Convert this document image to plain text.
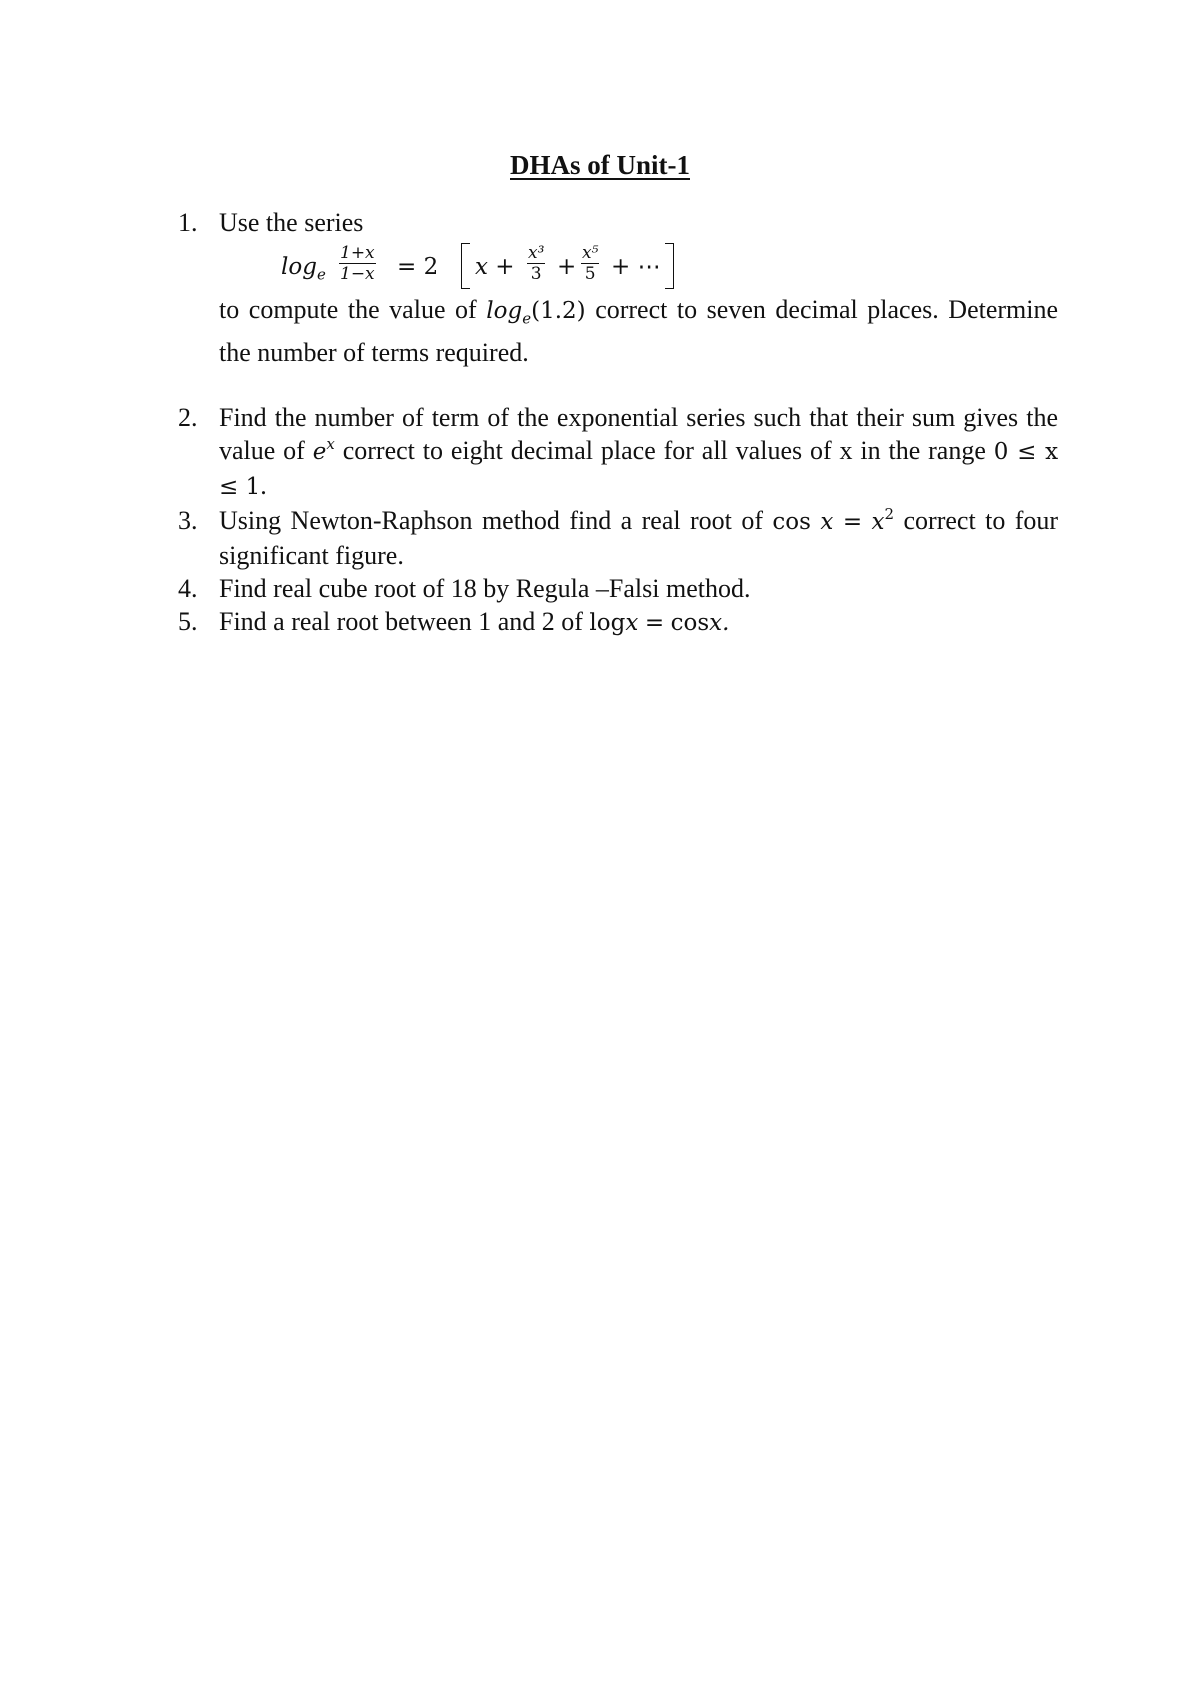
DHAs of Unit-1
1. Use the series
$\log_e \frac{1+x}{1-x} = 2$ $x + \frac{\text{x³}}{3} + \frac{\text{x⁵}}{5}$ + ⋯
to compute the value of $\log_e(1.2)$ correct to seven decimal places. Determine the number of terms required.
2. Find the number of term of the exponential series such that their sum gives the value of $e^x$ correct to eight decimal place for all values of x in the range 0 ≤ x ≤ 1.
3. Using Newton-Raphson method find a real root of $\cos x = x^2$ correct to four significant figure.
4. Find real cube root of 18 by Regula –Falsi method.
5. Find a real root between 1 and 2 of logx = cosx.
